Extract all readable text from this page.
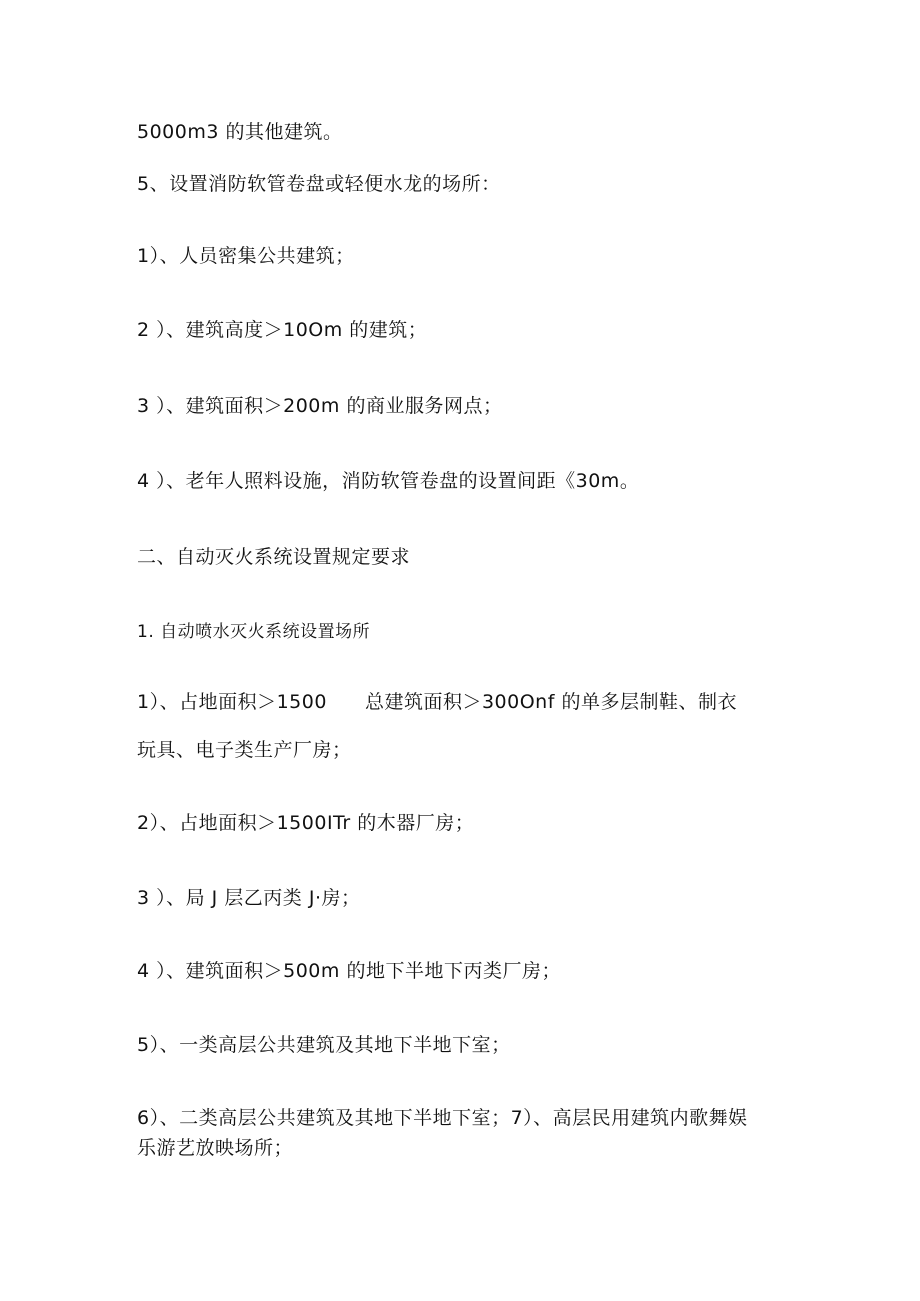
5000m3 的其他建筑。
5、设置消防软管卷盘或轻便水龙的场所：
1）、人员密集公共建筑；
2 ）、建筑高度＞10Om 的建筑；
3 ）、建筑面积＞200m 的商业服务网点；
4 ）、老年人照料设施，消防软管卷盘的设置间距《30m。
二、自动灭火系统设置规定要求
1. 自动喷水灭火系统设置场所
1）、占地面积＞1500 总建筑面积＞300Onf 的单多层制鞋、制衣
玩具、电子类生产厂房；
2）、占地面积＞1500ITr 的木器厂房；
3 ）、局 J 层乙丙类 J·房；
4 ）、建筑面积＞500m 的地下半地下丙类厂房；
5）、一类高层公共建筑及其地下半地下室；
6）、二类高层公共建筑及其地下半地下室；7）、高层民用建筑内歌舞娱
乐游艺放映场所；
